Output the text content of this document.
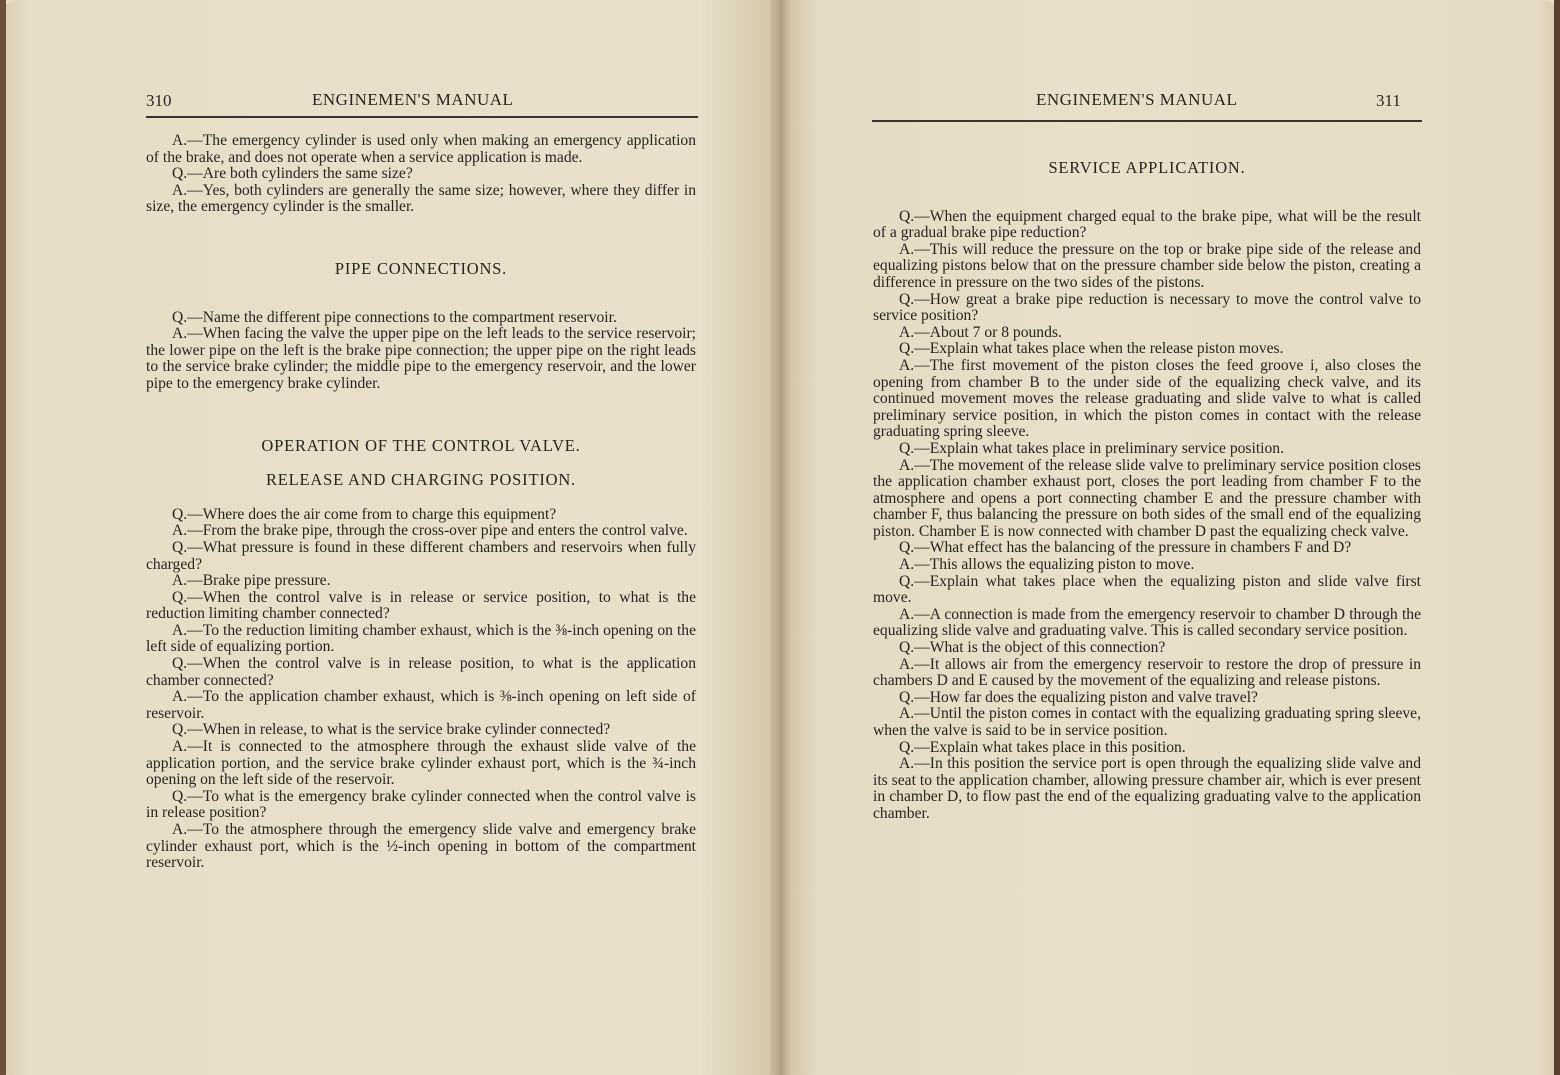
310	ENGINEMEN'S MANUAL

A.—The emergency cylinder is used only when making an emergency application of the brake, and does not operate when a service application is made.

Q.—Are both cylinders the same size?

A.—Yes, both cylinders are generally the same size; however, where they differ in size, the emergency cylinder is the smaller.

PIPE CONNECTIONS.

Q.—Name the different pipe connections to the compartment reservoir.

A.—When facing the valve the upper pipe on the left leads to the service reservoir; the lower pipe on the left is the brake pipe connection; the upper pipe on the right leads to the service brake cylinder; the middle pipe to the emergency reservoir, and the lower pipe to the emergency brake cylinder.

OPERATION OF THE CONTROL VALVE.
RELEASE AND CHARGING POSITION.

Q.—Where does the air come from to charge this equipment?

A.—From the brake pipe, through the cross-over pipe and enters the control valve.

Q.—What pressure is found in these different chambers and reservoirs when fully charged?

A.—Brake pipe pressure.

Q.—When the control valve is in release or service position, to what is the reduction limiting chamber connected?

A.—To the reduction limiting chamber exhaust, which is the ⅜-inch opening on the left side of equalizing portion.

Q.—When the control valve is in release position, to what is the application chamber connected?

A.—To the application chamber exhaust, which is ⅜-inch opening on left side of reservoir.

Q.—When in release, to what is the service brake cylinder connected?

A.—It is connected to the atmosphere through the exhaust slide valve of the application portion, and the service brake cylinder exhaust port, which is the ¾-inch opening on the left side of the reservoir.

Q.—To what is the emergency brake cylinder connected when the control valve is in release position?

A.—To the atmosphere through the emergency slide valve and emergency brake cylinder exhaust port, which is the ½-inch opening in bottom of the compartment reservoir.

ENGINEMEN'S MANUAL	311
SERVICE APPLICATION.

Q.—When the equipment charged equal to the brake pipe, what will be the result of a gradual brake pipe reduction?

A.—This will reduce the pressure on the top or brake pipe side of the release and equalizing pistons below that on the pressure chamber side below the piston, creating a difference in pressure on the two sides of the pistons.

Q.—How great a brake pipe reduction is necessary to move the control valve to service position?

A.—About 7 or 8 pounds.

Q.—Explain what takes place when the release piston moves.

A.—The first movement of the piston closes the feed groove i, also closes the opening from chamber B to the under side of the equalizing check valve, and its continued movement moves the release graduating and slide valve to what is called preliminary service position, in which the piston comes in contact with the release graduating spring sleeve.

Q.—Explain what takes place in preliminary service position.

A.—The movement of the release slide valve to preliminary service position closes the application chamber exhaust port, closes the port leading from chamber F to the atmosphere and opens a port connecting chamber E and the pressure chamber with chamber F, thus balancing the pressure on both sides of the small end of the equalizing piston. Chamber E is now connected with chamber D past the equalizing check valve.

Q.—What effect has the balancing of the pressure in chambers F and D?

A.—This allows the equalizing piston to move.

Q.—Explain what takes place when the equalizing piston and slide valve first move.

A.—A connection is made from the emergency reservoir to chamber D through the equalizing slide valve and graduating valve. This is called secondary service position.

Q.—What is the object of this connection?

A.—It allows air from the emergency reservoir to restore the drop of pressure in chambers D and E caused by the movement of the equalizing and release pistons.

Q.—How far does the equalizing piston and valve travel?

A.—Until the piston comes in contact with the equalizing graduating spring sleeve, when the valve is said to be in service position.

Q.—Explain what takes place in this position.

A.—In this position the service port is open through the equalizing slide valve and its seat to the application chamber, allowing pressure chamber air, which is ever present in chamber D, to flow past the end of the equalizing graduating valve to the application chamber.
